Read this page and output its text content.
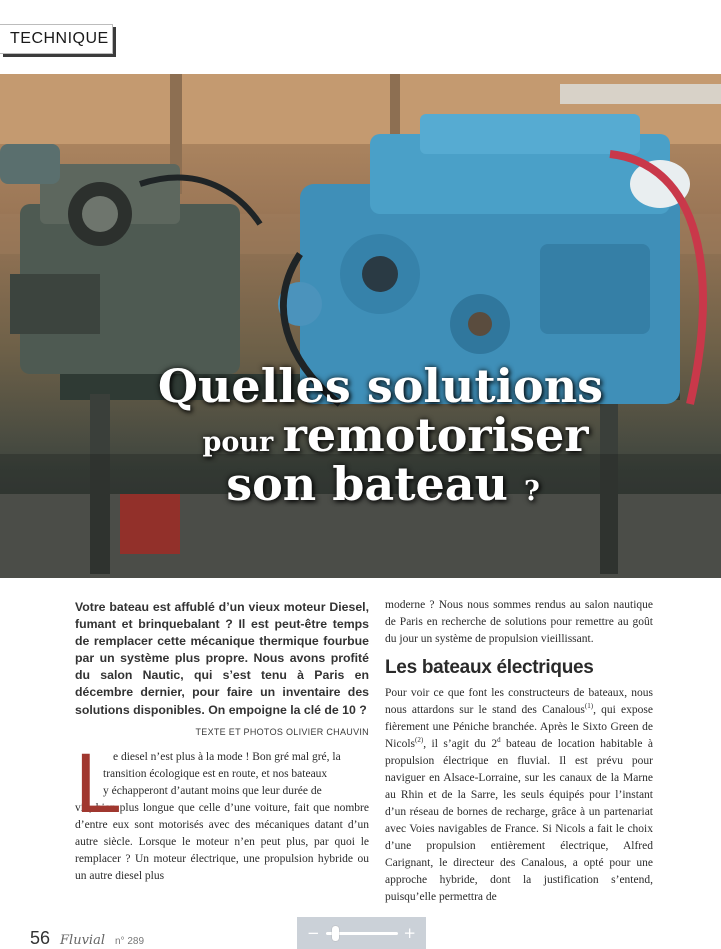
TECHNIQUE
Quelles solutions
pour remotoriser
son bateau ?

Votre bateau est affublé d’un vieux moteur Diesel, fumant et brinquebalant ? Il est peut-être temps de remplacer cette mécanique thermique fourbue par un système plus propre. Nous avons profité du salon Nautic, qui s’est tenu à Paris en décembre dernier, pour faire un inventaire des solutions disponibles. On empoigne la clé de 10 ?

TEXTE ET PHOTOS OLIVIER CHAUVIN

L
e diesel n’est plus à la mode ! Bon gré mal gré, la
transition écologique est en route, et nos bateaux
y échapperont d’autant moins que leur durée de

vie, bien plus longue que celle d’une voiture, fait que nombre d’entre eux sont motorisés avec des mécaniques datant d’un autre siècle. Lorsque le moteur n’en peut plus, par quoi le remplacer ? Un moteur électrique, une propulsion hybride ou un autre diesel plus

moderne ? Nous nous sommes rendus au salon nautique de Paris en recherche de solutions pour remettre au goût du jour un système de propulsion vieillissant.

Les bateaux électriques

Pour voir ce que font les constructeurs de bateaux, nous nous attardons sur le stand des Canalous$^{(1)}$, qui expose fièrement une Péniche branchée. Après le Sixto Green de Nicols$^{(2)}$, il s’agit du 2$^d$ bateau de location habitable à propulsion électrique en fluvial. Il est prévu pour naviguer en Alsace-Lorraine, sur les canaux de la Marne au Rhin et de la Sarre, les seuls équipés pour l’instant d’un réseau de bornes de recharge, grâce à un partenariat avec Voies navigables de France. Si Nicols a fait le choix d’une propulsion entièrement électrique, Alfred Carignant, le directeur des Canalous, a opté pour une approche hybride, dont la justification s’entend, puisqu’elle permettra de

56 Fluvial n° 289	−	+
